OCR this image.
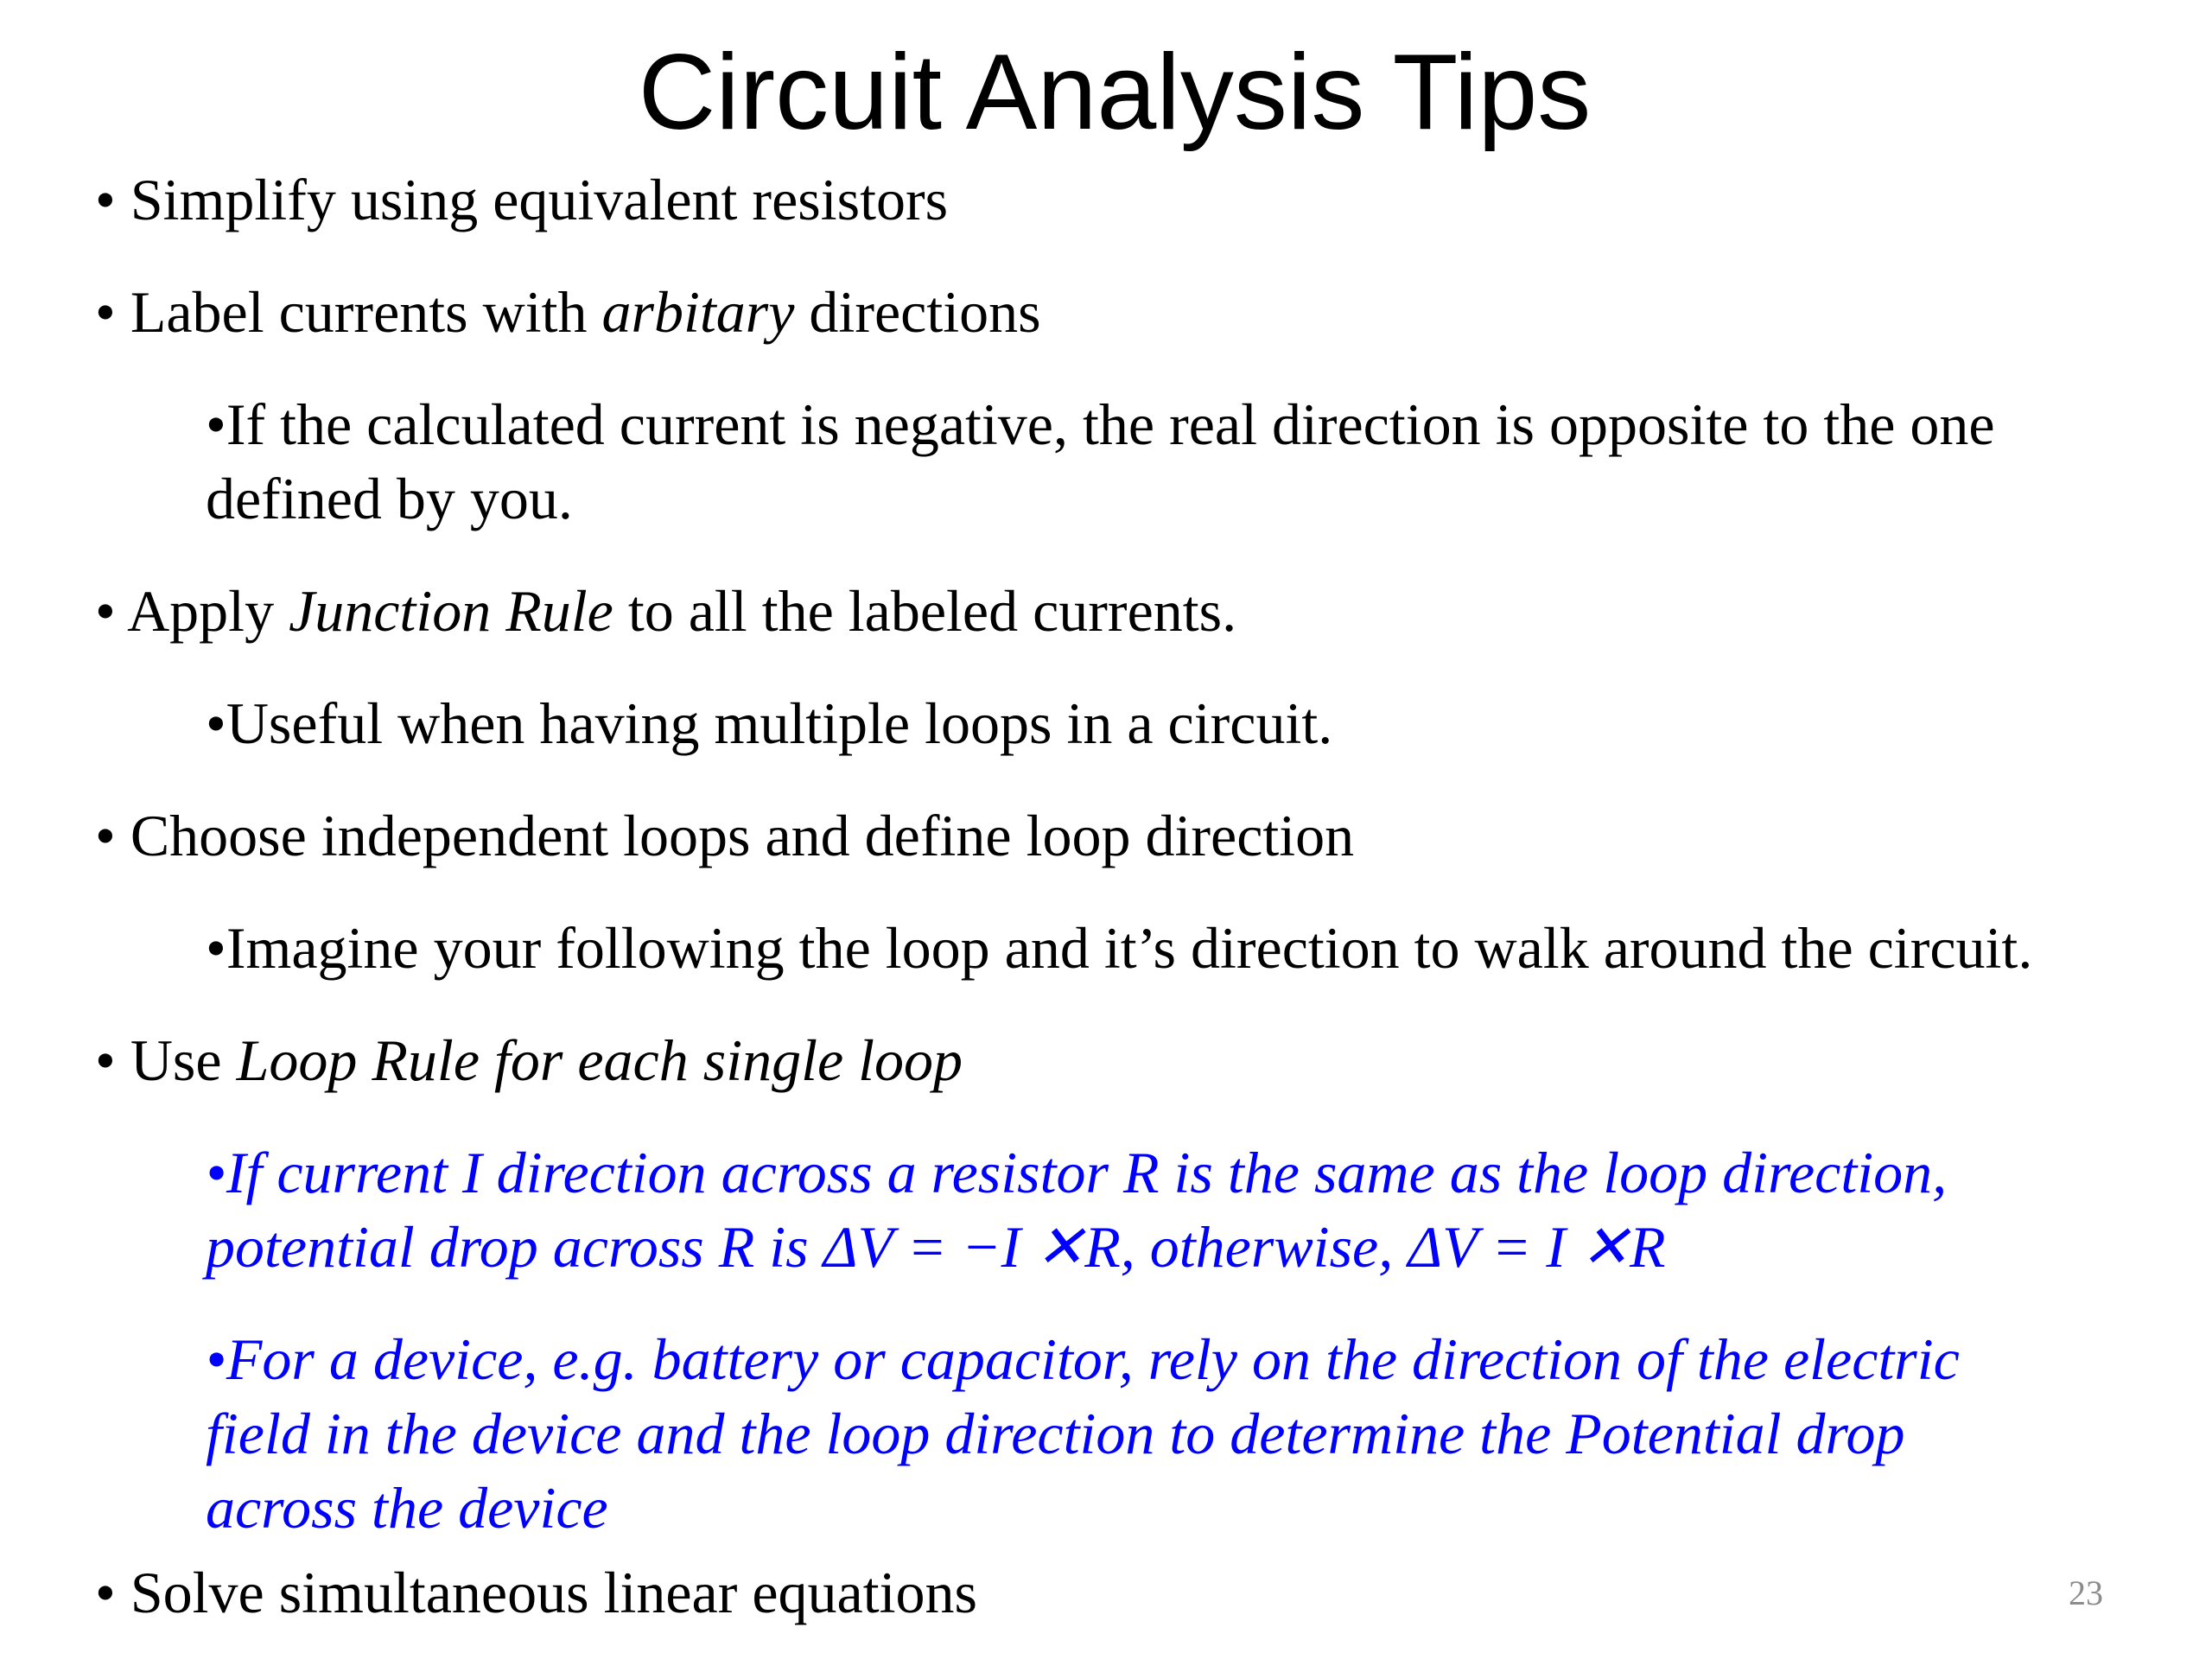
Circuit Analysis Tips
• Simplify using equivalent resistors
• Label currents with arbitary directions
•If the calculated current is negative, the real direction is opposite to the one defined by you.
• Apply Junction Rule to all the labeled currents.
•Useful when having multiple loops in a circuit.
• Choose independent loops and define loop direction
•Imagine your following the loop and it’s direction to walk around the circuit.
• Use Loop Rule for each single loop
•If current I direction across a resistor R is the same as the loop direction,
potential drop across R is ΔV = −I ✕R, otherwise, ΔV = I ✕R
•For a device, e.g. battery or capacitor, rely on the direction of the electric
field in the device and the loop direction to determine the Potential drop
across the device
• Solve simultaneous linear equations	23
